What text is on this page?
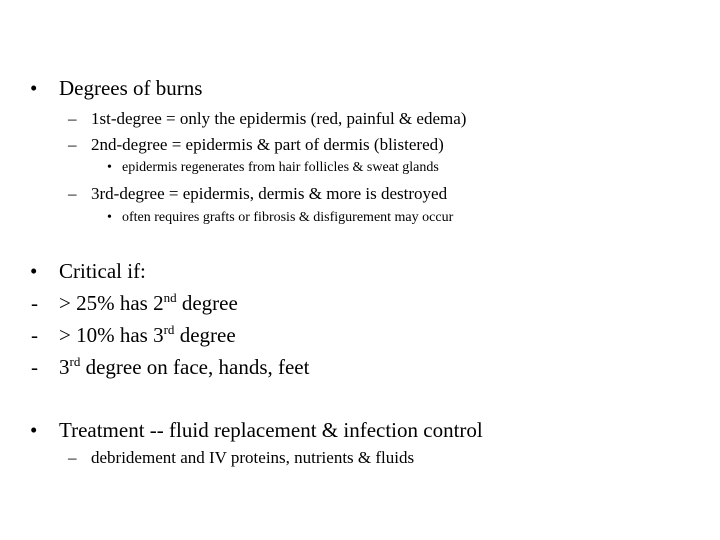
• Degrees of burns
– 1st-degree = only the epidermis (red, painful & edema)
– 2nd-degree = epidermis & part of dermis (blistered)
• epidermis regenerates from hair follicles & sweat glands
– 3rd-degree = epidermis, dermis & more is destroyed
• often requires grafts or fibrosis & disfigurement may occur
• Critical if:
- > 25% has 2nd degree
- > 10% has 3rd degree
- 3rd degree on face, hands, feet
• Treatment -- fluid replacement & infection control
– debridement and IV proteins, nutrients & fluids
